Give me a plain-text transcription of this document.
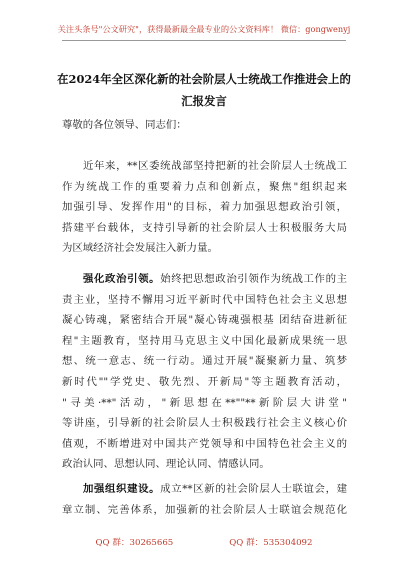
关注头条号"公文研究"，获得最新最全最专业的公文资料库！ 微信：gongwenyj
在2024年全区深化新的社会阶层人士统战工作推进会上的
汇报发言
尊敬的各位领导、同志们：
近年来，**区委统战部坚持把新的社会阶层人士统战工
作为统战工作的重要着力点和创新点，聚焦"组织起来
加强引导、发挥作用"的目标，着力加强思想政治引领，
搭建平台载体，支持引导新的社会阶层人士积极服务大局
为区域经济社会发展注入新力量。
强化政治引领。始终把思想政治引领作为统战工作的主
责主业，坚持不懈用习近平新时代中国特色社会主义思想
凝心铸魂，紧密结合开展"凝心铸魂强根基 团结奋进新征
程"主题教育，坚持用马克思主义中国化最新成果统一思
想、统一意志、统一行动。通过开展"凝聚新力量、筑梦
新时代""学党史、敬先烈、开新局"等主题教育活动，
"寻美·**"活动，"新思想在**""**新阶层大讲堂"
等讲座，引导新的社会阶层人士积极践行社会主义核心价
值观，不断增进对中国共产党领导和中国特色社会主义的
政治认同、思想认同、理论认同、情感认同。
加强组织建设。成立**区新的社会阶层人士联谊会，建
章立制、完善体系，加强新的社会阶层人士联谊会规范化
QQ 群：30265665	QQ 群：535304092
